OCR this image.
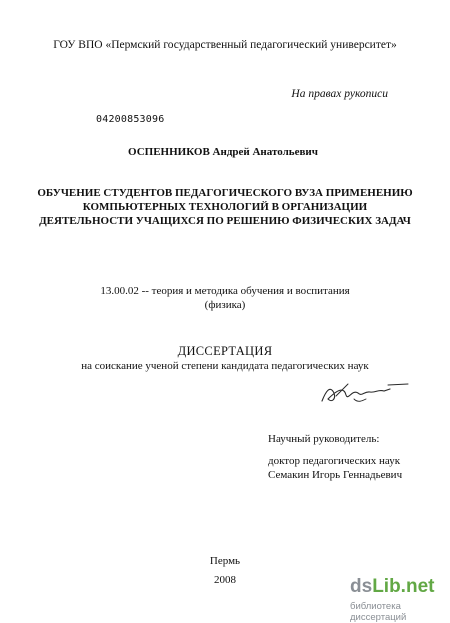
ГОУ ВПО «Пермский государственный педагогический университет»
На правах рукописи
04200853096
ОСПЕННИКОВ Андрей Анатольевич
ОБУЧЕНИЕ СТУДЕНТОВ ПЕДАГОГИЧЕСКОГО ВУЗА ПРИМЕНЕНИЮ
КОМПЬЮТЕРНЫХ ТЕХНОЛОГИЙ В ОРГАНИЗАЦИИ
ДЕЯТЕЛЬНОСТИ УЧАЩИХСЯ ПО РЕШЕНИЮ ФИЗИЧЕСКИХ ЗАДАЧ
13.00.02 -- теория и методика обучения и воспитания
(физика)
ДИССЕРТАЦИЯ
на соискание ученой степени кандидата педагогических наук
Научный руководитель:
доктор педагогических наук
Семакин Игорь Геннадьевич
Пермь
2008	dsLib.net
библиотека диссертаций
